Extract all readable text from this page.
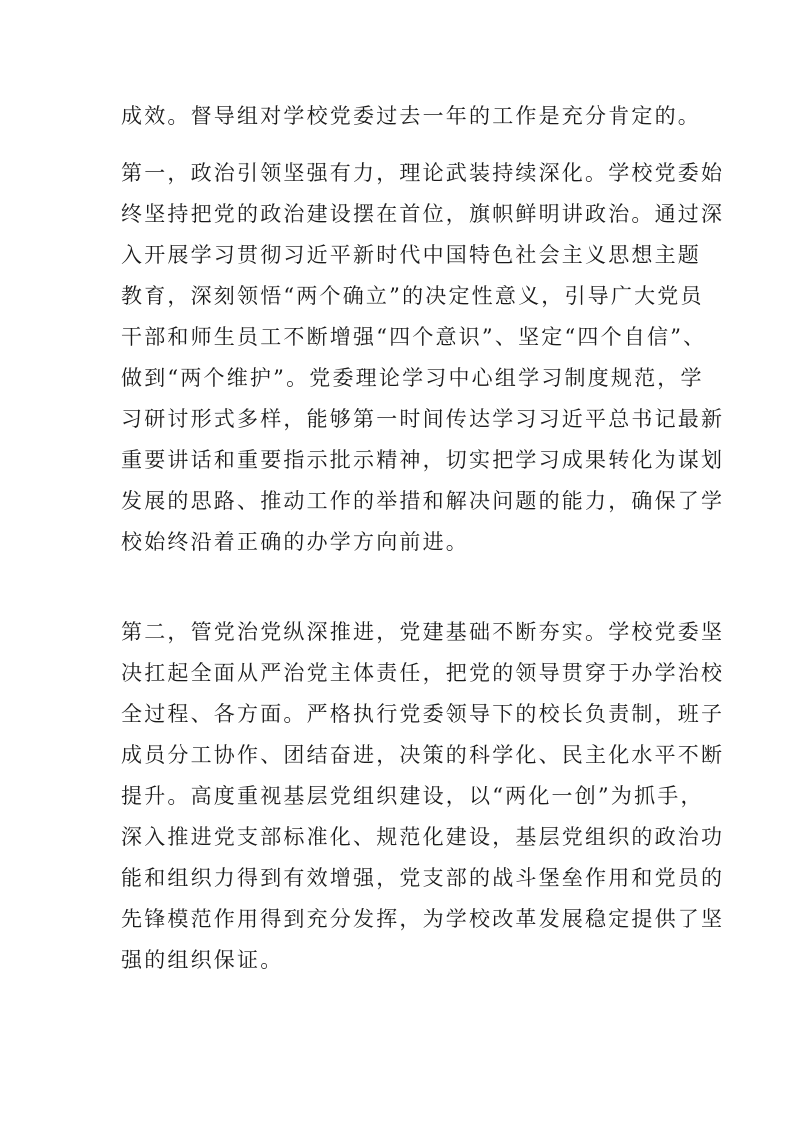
成效。督导组对学校党委过去一年的工作是充分肯定的。
第一，政治引领坚强有力，理论武装持续深化。学校党委始
终坚持把党的政治建设摆在首位，旗帜鲜明讲政治。通过深
入开展学习贯彻习近平新时代中国特色社会主义思想主题
教育，深刻领悟“两个确立”的决定性意义，引导广大党员
干部和师生员工不断增强“四个意识”、坚定“四个自信”、
做到“两个维护”。党委理论学习中心组学习制度规范，学
习研讨形式多样，能够第一时间传达学习习近平总书记最新
重要讲话和重要指示批示精神，切实把学习成果转化为谋划
发展的思路、推动工作的举措和解决问题的能力，确保了学
校始终沿着正确的办学方向前进。
第二，管党治党纵深推进，党建基础不断夯实。学校党委坚
决扛起全面从严治党主体责任，把党的领导贯穿于办学治校
全过程、各方面。严格执行党委领导下的校长负责制，班子
成员分工协作、团结奋进，决策的科学化、民主化水平不断
提升。高度重视基层党组织建设，以“两化一创”为抓手，
深入推进党支部标准化、规范化建设，基层党组织的政治功
能和组织力得到有效增强，党支部的战斗堡垒作用和党员的
先锋模范作用得到充分发挥，为学校改革发展稳定提供了坚
强的组织保证。
